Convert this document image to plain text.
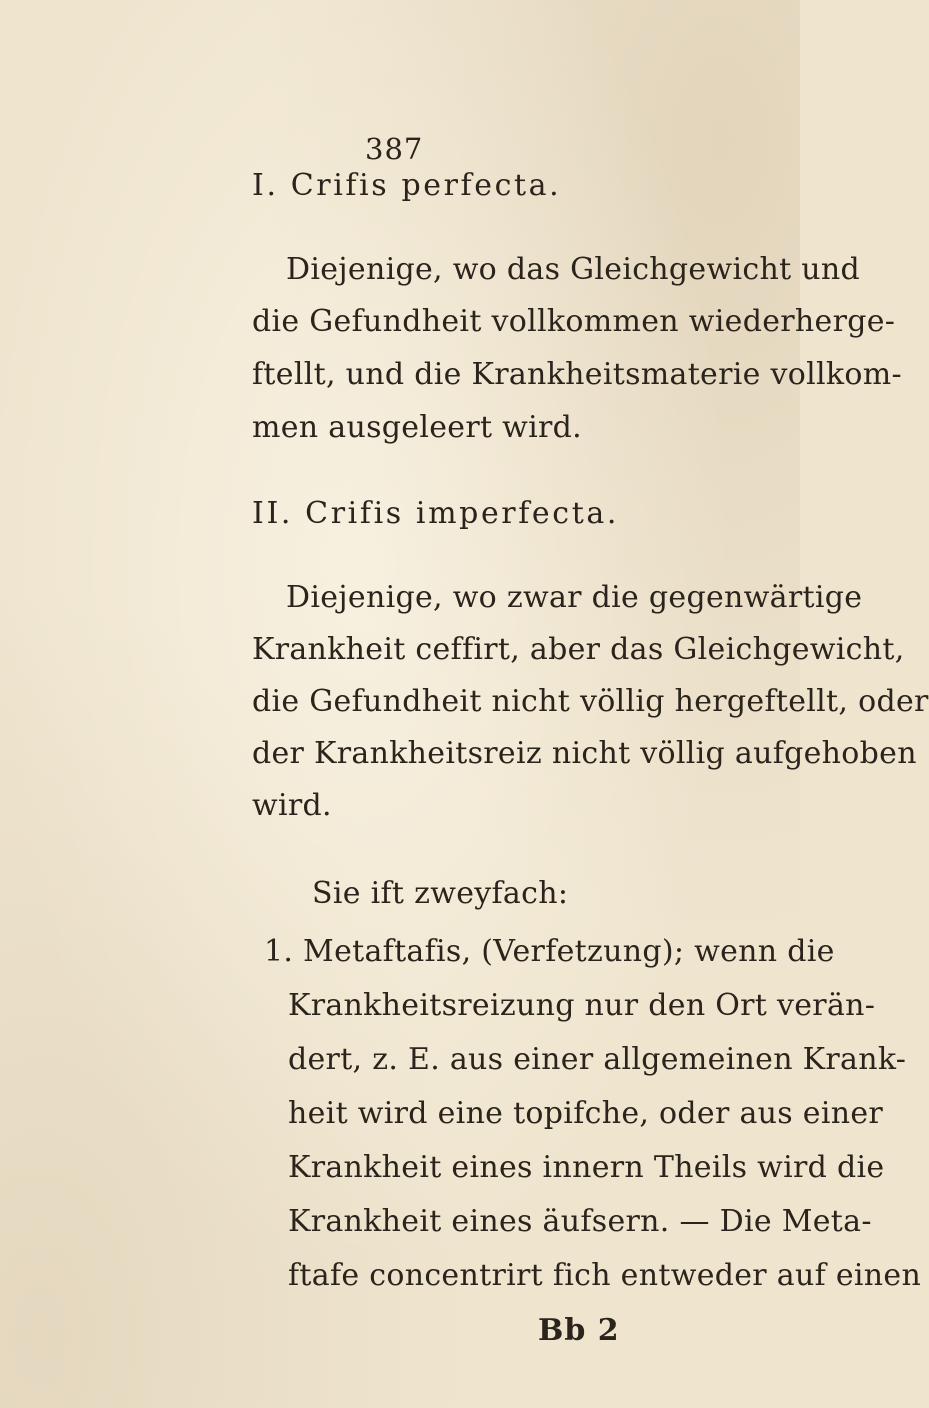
387
I. Crifis perfecta.
Diejenige, wo das Gleichgewicht und
die Gefundheit vollkommen wiederherge-
ftellt, und die Krankheitsmaterie vollkom-
men ausgeleert wird.
II. Crifis imperfecta.
Diejenige, wo zwar die gegenwärtige
Krankheit ceffirt, aber das Gleichgewicht,
die Gefundheit nicht völlig hergeftellt, oder
der Krankheitsreiz nicht völlig aufgehoben
wird.
Sie ift zweyfach:
1. Metaftafis, (Verfetzung); wenn die
Krankheitsreizung nur den Ort verän-
dert, z. E. aus einer allgemeinen Krank-
heit wird eine topifche, oder aus einer
Krankheit eines innern Theils wird die
Krankheit eines äufsern. — Die Meta-
ftafe concentrirt fich entweder auf einen
Bb 2
